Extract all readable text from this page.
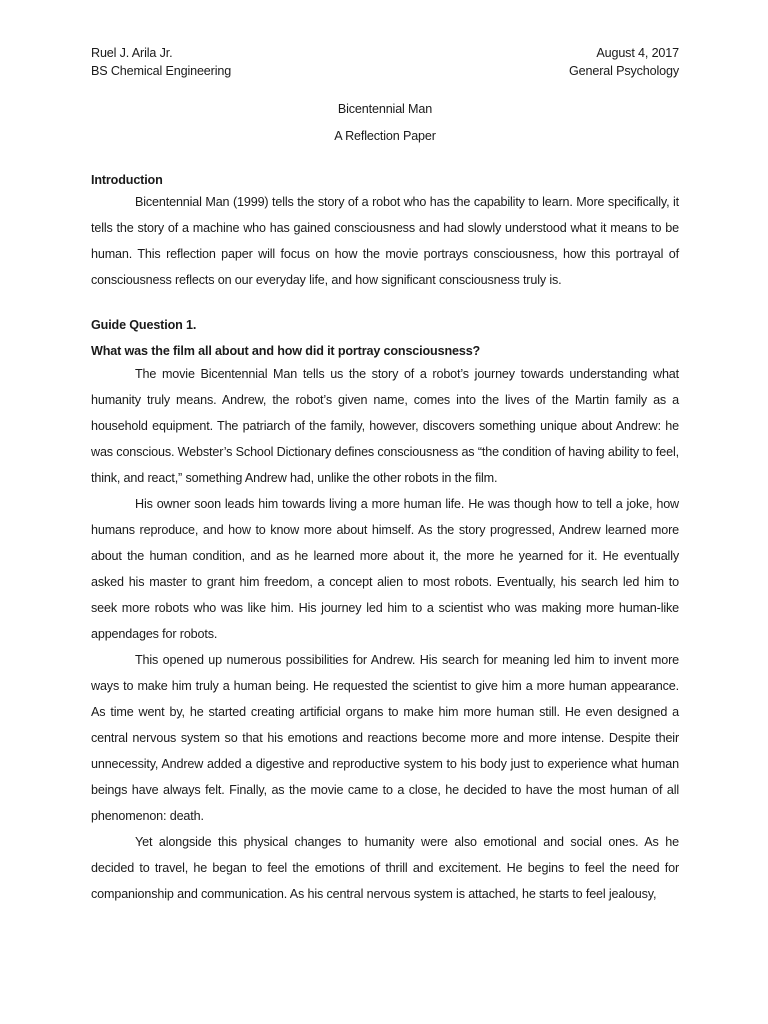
Ruel J. Arila Jr.	August 4, 2017
BS Chemical Engineering	General Psychology
Bicentennial Man
A Reflection Paper
Introduction

Bicentennial Man (1999) tells the story of a robot who has the capability to learn. More specifically, it tells the story of a machine who has gained consciousness and had slowly understood what it means to be human. This reflection paper will focus on how the movie portrays consciousness, how this portrayal of consciousness reflects on our everyday life, and how significant consciousness truly is.

Guide Question 1.
What was the film all about and how did it portray consciousness?

The movie Bicentennial Man tells us the story of a robot’s journey towards understanding what humanity truly means. Andrew, the robot’s given name, comes into the lives of the Martin family as a household equipment. The patriarch of the family, however, discovers something unique about Andrew: he was conscious. Webster’s School Dictionary defines consciousness as “the condition of having ability to feel, think, and react,” something Andrew had, unlike the other robots in the film.

His owner soon leads him towards living a more human life. He was though how to tell a joke, how humans reproduce, and how to know more about himself. As the story progressed, Andrew learned more about the human condition, and as he learned more about it, the more he yearned for it. He eventually asked his master to grant him freedom, a concept alien to most robots. Eventually, his search led him to seek more robots who was like him. His journey led him to a scientist who was making more human-like appendages for robots.

This opened up numerous possibilities for Andrew. His search for meaning led him to invent more ways to make him truly a human being. He requested the scientist to give him a more human appearance. As time went by, he started creating artificial organs to make him more human still. He even designed a central nervous system so that his emotions and reactions become more and more intense. Despite their unnecessity, Andrew added a digestive and reproductive system to his body just to experience what human beings have always felt. Finally, as the movie came to a close, he decided to have the most human of all phenomenon: death.

Yet alongside this physical changes to humanity were also emotional and social ones. As he decided to travel, he began to feel the emotions of thrill and excitement. He begins to feel the need for companionship and communication. As his central nervous system is attached, he starts to feel jealousy,
